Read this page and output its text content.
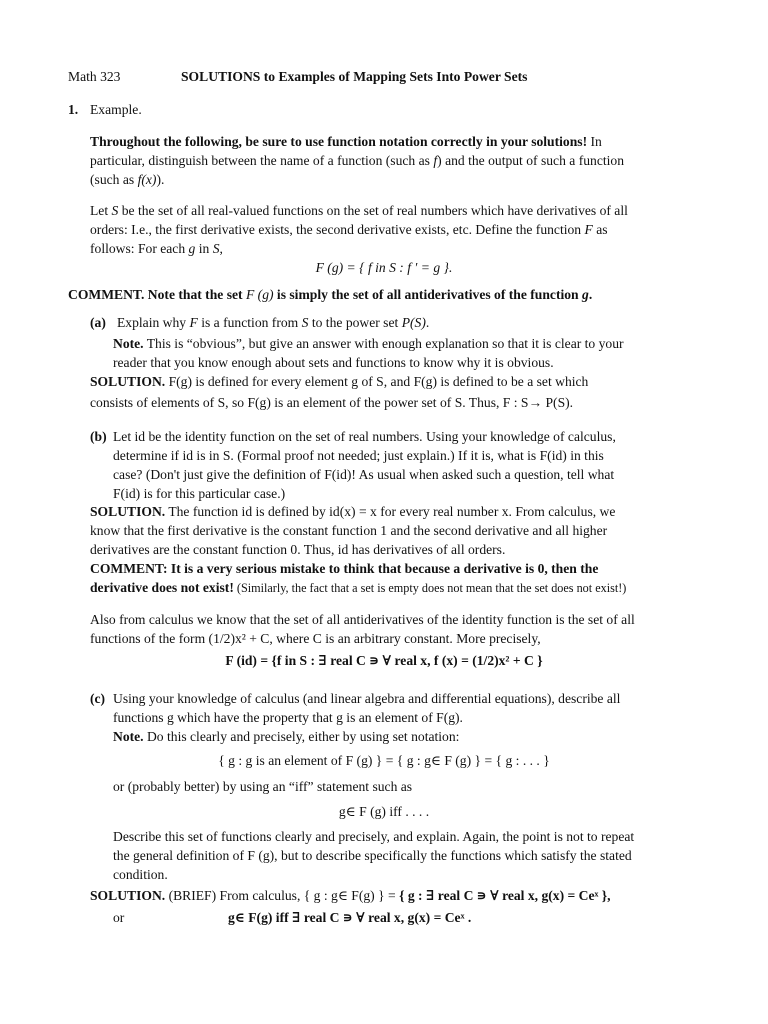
Math 323	SOLUTIONS to Examples of Mapping Sets Into Power Sets
1. Example.
Throughout the following, be sure to use function notation correctly in your solutions! In
particular, distinguish between the name of a function (such as f) and the output of such a function
(such as f(x)).
Let S be the set of all real-valued functions on the set of real numbers which have derivatives of all
orders: I.e., the first derivative exists, the second derivative exists, etc. Define the function F as
follows: For each g in S,
F (g) = { f in S : f ′ = g }.
COMMENT. Note that the set F (g) is simply the set of all antiderivatives of the function g.
(a) Explain why F is a function from S to the power set P(S).
Note. This is “obvious”, but give an answer with enough explanation so that it is clear to your
reader that you know enough about sets and functions to know why it is obvious.
SOLUTION. F(g) is defined for every element g of S, and F(g) is defined to be a set which
consists of elements of S, so F(g) is an element of the power set of S. Thus, F : S→ P(S).
(b) Let id be the identity function on the set of real numbers. Using your knowledge of calculus,
determine if id is in S. (Formal proof not needed; just explain.) If it is, what is F(id) in this
case? (Don't just give the definition of F(id)! As usual when asked such a question, tell what
F(id) is for this particular case.)
SOLUTION. The function id is defined by id(x) = x for every real number x. From calculus, we
know that the first derivative is the constant function 1 and the second derivative and all higher
derivatives are the constant function 0. Thus, id has derivatives of all orders.
COMMENT: It is a very serious mistake to think that because a derivative is 0, then the
derivative does not exist! (Similarly, the fact that a set is empty does not mean that the set does not exist!)
Also from calculus we know that the set of all antiderivatives of the identity function is the set of all
functions of the form (1/2)x² + C, where C is an arbitrary constant. More precisely,
F (id) = {f in S : ∃ real C ∍ ∀ real x, f (x) = (1/2)x² + C }
(c) Using your knowledge of calculus (and linear algebra and differential equations), describe all
functions g which have the property that g is an element of F(g).
Note. Do this clearly and precisely, either by using set notation:
{ g : g is an element of F (g) } = { g : g∈ F (g) } = { g : . . . }
or (probably better) by using an “iff” statement such as
g∈ F (g) iff . . . .
Describe this set of functions clearly and precisely, and explain. Again, the point is not to repeat
the general definition of F (g), but to describe specifically the functions which satisfy the stated
condition.
SOLUTION. (BRIEF) From calculus, { g : g∈ F(g) } = { g : ∃ real C ∍ ∀ real x, g(x) = Ceˣ },
or	g∈ F(g) iff ∃ real C ∍ ∀ real x, g(x) = Ceˣ .
